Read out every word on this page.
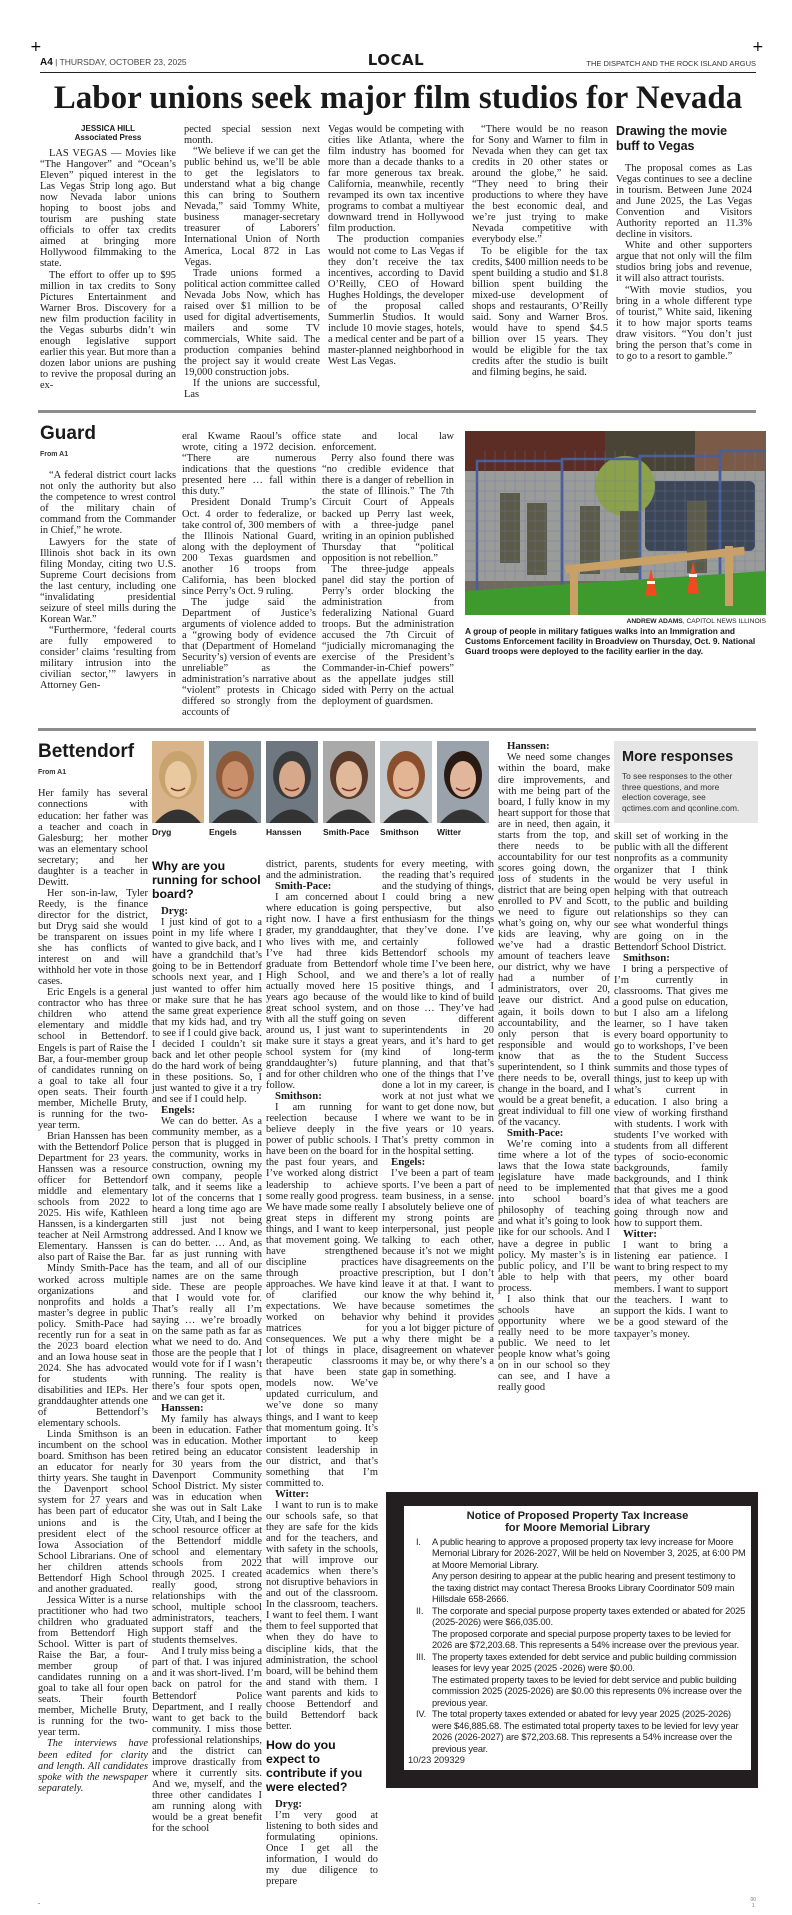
+	+
A4 | THURSDAY, OCTOBER 23, 2025	LOCAL	THE DISPATCH AND THE ROCK ISLAND ARGUS
Labor unions seek major film studios for Nevada
JESSICA HILL
Associated Press

LAS VEGAS — Movies like “The Hangover” and “Ocean’s Eleven” piqued interest in the Las Vegas Strip long ago. But now Nevada labor unions hoping to boost jobs and tourism are pushing state officials to offer tax credits aimed at bringing more Hollywood filmmaking to the state.

The effort to offer up to $95 million in tax credits to Sony Pictures Entertainment and Warner Bros. Discovery for a new film production facility in the Vegas suburbs didn’t win enough legislative support earlier this year. But more than a dozen labor unions are pushing to revive the proposal during an ex-

pected special session next month.

“We believe if we can get the public behind us, we’ll be able to get the legislators to understand what a big change this can bring to Southern Nevada,” said Tommy White, business manager-secretary treasurer of Laborers’ International Union of North America, Local 872 in Las Vegas.

Trade unions formed a political action committee called Nevada Jobs Now, which has raised over $1 million to be used for digital advertisements, mailers and some TV commercials, White said. The production companies behind the project say it would create 19,000 construction jobs.

If the unions are successful, Las

Vegas would be competing with cities like Atlanta, where the film industry has boomed for more than a decade thanks to a far more generous tax break. California, meanwhile, recently revamped its own tax incentive programs to combat a multiyear downward trend in Hollywood film production.

The production companies would not come to Las Vegas if they don’t receive the tax incentives, according to David O’Reilly, CEO of Howard Hughes Holdings, the developer of the proposal called Summerlin Studios. It would include 10 movie stages, hotels, a medical center and be part of a master-planned neighborhood in West Las Vegas.

“There would be no reason for Sony and Warner to film in Nevada when they can get tax credits in 20 other states or around the globe,” he said. “They need to bring their productions to where they have the best economic deal, and we’re just trying to make Nevada competitive with everybody else.”

To be eligible for the tax credits, $400 million needs to be spent building a studio and $1.8 billion spent building the mixed-use development of shops and restaurants, O’Reilly said. Sony and Warner Bros. would have to spend $4.5 billion over 15 years. They would be eligible for the tax credits after the studio is built and filming begins, he said.

Drawing the movie buff to Vegas

The proposal comes as Las Vegas continues to see a decline in tourism. Between June 2024 and June 2025, the Las Vegas Convention and Visitors Authority reported an 11.3% decline in visitors.

White and other supporters argue that not only will the film studios bring jobs and revenue, it will also attract tourists.

“With movie studios, you bring in a whole different type of tourist,” White said, likening it to how major sports teams draw visitors. “You don’t just bring the person that’s come in to go to a resort to gamble.”

Guard
From A1

“A federal district court lacks not only the authority but also the competence to wrest control of the military chain of command from the Commander in Chief,” he wrote.

Lawyers for the state of Illinois shot back in its own filing Monday, citing two U.S. Supreme Court decisions from the last century, including one “invalidating presidential seizure of steel mills during the Korean War.”

“Furthermore, ‘federal courts are fully empowered to consider’ claims ‘resulting from military intrusion into the civilian sector,’” lawyers in Attorney Gen-

eral Kwame Raoul’s office wrote, citing a 1972 decision. “There are numerous indications that the questions presented here … fall within this duty.”

President Donald Trump’s Oct. 4 order to federalize, or take control of, 300 members of the Illinois National Guard, along with the deployment of 200 Texas guardsmen and another 16 troops from California, has been blocked since Perry’s Oct. 9 ruling.

The judge said the Department of Justice’s arguments of violence added to a “growing body of evidence that (Department of Homeland Security’s) version of events are unreliable” as the administration’s narrative about “violent” protests in Chicago differed so strongly from the accounts of

state and local law enforcement.

Perry also found there was “no credible evidence that there is a danger of rebellion in the state of Illinois.” The 7th Circuit Court of Appeals backed up Perry last week, with a three-judge panel writing in an opinion published Thursday that “political opposition is not rebellion.”

The three-judge appeals panel did stay the portion of Perry’s order blocking the administration from federalizing National Guard troops. But the administration accused the 7th Circuit of “judicially micromanaging the exercise of the President’s Commander-in-Chief powers” as the appellate judges still sided with Perry on the actual deployment of guardsmen.

ANDREW ADAMS, CAPITOL NEWS ILLINOIS
A group of people in military fatigues walks into an Immigration and Customs Enforcement facility in Broadview on Thursday, Oct. 9. National Guard troops were deployed to the facility earlier in the day.
Bettendorf
From A1

Her family has several connections with education: her father was a teacher and coach in Galesburg; her mother was an elementary school secretary; and her daughter is a teacher in Dewitt.

Her son-in-law, Tyler Reedy, is the finance director for the district, but Dryg said she would be transparent on issues she has conflicts of interest on and will withhold her vote in those cases.

Eric Engels is a general contractor who has three children who attend elementary and middle school in Bettendorf. Engels is part of Raise the Bar, a four-member group of candidates running on a goal to take all four open seats. Their fourth member, Michelle Bruty, is running for the two-year term.

Brian Hanssen has been with the Bettendorf Police Department for 23 years. Hanssen was a resource officer for Bettendorf middle and elementary schools from 2022 to 2025. His wife, Kathleen Hanssen, is a kindergarten teacher at Neil Armstrong Elementary. Hanssen is also part of Raise the Bar.

Mindy Smith-Pace has worked across multiple organizations and nonprofits and holds a master’s degree in public policy. Smith-Pace had recently run for a seat in the 2023 board election and an Iowa house seat in 2024. She has advocated for students with disabilities and IEPs. Her granddaughter attends one of Bettendorf’s elementary schools.

Linda Smithson is an incumbent on the school board. Smithson has been an educator for nearly thirty years. She taught in the Davenport school system for 27 years and has been part of educator unions and is the president elect of the Iowa Association of School Librarians. One of her children attends Bettendorf High School and another graduated.

Jessica Witter is a nurse practitioner who had two children who graduated from Bettendorf High School. Witter is part of Raise the Bar, a four-member group of candidates running on a goal to take all four open seats. Their fourth member, Michelle Bruty, is running for the two-year term.

The interviews have been edited for clarity and length. All candidates spoke with the newspaper separately.

Dryg	Engels	Hanssen	Smith-Pace	Smithson	Witter
Why are you running for school board?
Dryg:

I just kind of got to a point in my life where I wanted to give back, and I have a grandchild that’s going to be in Bettendorf schools next year, and I just wanted to offer him or make sure that he has the same great experience that my kids had, and try to see if I could give back. I decided I couldn’t sit back and let other people do the hard work of being in these positions. So, I just wanted to give it a try and see if I could help.

Engels:

We can do better. As a community member, as a person that is plugged in the community, works in construction, owning my own company, people talk, and it seems like a lot of the concerns that I heard a long time ago are still just not being addressed. And I know we can do better. … And, as far as just running with the team, and all of our names are on the same side. These are people that I would vote for. That’s really all I’m saying … we’re broadly on the same path as far as what we need to do. And those are the people that I would vote for if I wasn’t running. The reality is there’s four spots open, and we can get it.

Hanssen:

My family has always been in education. Father was in education. Mother retired being an educator for 30 years from the Davenport Community School District. My sister was in education when she was out in Salt Lake City, Utah, and I being the school resource officer at the Bettendorf middle school and elementary schools from 2022 through 2025. I created really good, strong relationships with the school, multiple school administrators, teachers, support staff and the students themselves.

And I truly miss being a part of that. I was injured and it was short-lived. I’m back on patrol for the Bettendorf Police Department, and I really want to get back to the community. I miss those professional relationships, and the district can improve drastically from where it currently sits. And we, myself, and the three other candidates I am running along with would be a great benefit for the school

district, parents, students and the administration.

Smith-Pace:

I am concerned about where education is going right now. I have a first grader, my granddaughter, who lives with me, and I’ve had three kids graduate from Bettendorf High School, and we actually moved here 15 years ago because of the great school system, and with all the stuff going on around us, I just want to make sure it stays a great school system for (my granddaughter’s) future and for other children who follow.

Smithson:

I am running for reelection because I believe deeply in the power of public schools. I have been on the board for the past four years, and I’ve worked along district leadership to achieve some really good progress. We have made some really great steps in different things, and I want to keep that movement going. We have strengthened discipline practices through proactive approaches. We have kind of clarified our expectations. We have worked on behavior matrices for consequences. We put a lot of things in place, therapeutic classrooms that have been state models now. We’ve updated curriculum, and we’ve done so many things, and I want to keep that momentum going. It’s important to keep consistent leadership in our district, and that’s something that I’m committed to.

Witter:

I want to run is to make our schools safe, so that they are safe for the kids and for the teachers, and with safety in the schools, that will improve our academics when there’s not disruptive behaviors in and out of the classroom. In the classroom, teachers. I want to feel them. I want them to feel supported that when they do have to discipline kids, that the administration, the school board, will be behind them and stand with them. I want parents and kids to choose Bettendorf and build Bettendorf back better.

How do you expect to contribute if you were elected?
Dryg:

I’m very good at listening to both sides and formulating opinions. Once I get all the information, I would do my due diligence to prepare

for every meeting, with the reading that’s required and the studying of things, I could bring a new perspective, but also enthusiasm for the things that they’ve done. I’ve certainly followed Bettendorf schools my whole time I’ve been here, and there’s a lot of really positive things, and I would like to kind of build on those … They’ve had seven different superintendents in 20 years, and it’s hard to get kind of long-term planning, and that that’s one of the things that I’ve done a lot in my career, is work at not just what we want to get done now, but where we want to be in five years or 10 years. That’s pretty common in in the hospital setting.

Engels:

I’ve been a part of team sports. I’ve been a part of team business, in a sense. I absolutely believe one of my strong points are interpersonal, just people talking to each other, because it’s not we might have disagreements on the prescription, but I don’t leave it at that. I want to know the why behind it, because sometimes the why behind it provides you a lot bigger picture of why there might be a disagreement on whatever it may be, or why there’s a gap in something.

Hanssen:

We need some changes within the board, make dire improvements, and with me being part of the board, I fully know in my heart support for those that are in need, then again, it starts from the top, and there needs to be accountability for our test scores going down, the loss of students in the district that are being open enrolled to PV and Scott, we need to figure out what’s going on, why our kids are leaving, why we’ve had a drastic amount of teachers leave our district, why we have had a number of administrators, over 20, leave our district. And again, it boils down to accountability, and the only person that is responsible and would know that as the superintendent, so I think there needs to be, overall change in the board, and I would be a great benefit, a great individual to fill one of the vacancy.

Smith-Pace:

We’re coming into a time where a lot of the laws that the Iowa state legislature have made need to be implemented into school board’s philosophy of teaching and what it’s going to look like for our schools. And I have a degree in public policy. My master’s is in public policy, and I’ll be able to help with that process.

I also think that our schools have an opportunity where we really need to be more public. We need to let people know what’s going on in our school so they can see, and I have a really good

More responses
To see responses to the other three questions, and more election coverage, see qctimes.com and qconline.com.

skill set of working in the public with all the different nonprofits as a community organizer that I think would be very useful in helping with that outreach to the public and building relationships so they can see what wonderful things are going on in the Bettendorf School District.

Smithson:

I bring a perspective of I’m currently in classrooms. That gives me a good pulse on education, but I also am a lifelong learner, so I have taken every board opportunity to go to workshops, I’ve been to the Student Success summits and those types of things, just to keep up with what’s current in education. I also bring a view of working firsthand with students. I work with students I’ve worked with students from all different types of socio-economic backgrounds, family backgrounds, and I think that that gives me a good idea of what teachers are going through now and how to support them.

Witter:

I want to bring a listening ear patience. I want to bring respect to my peers, my other board members. I want to support the teachers. I want to support the kids. I want to be a good steward of the taxpayer’s money.

Notice of Proposed Property Tax Increase
for Moore Memorial Library
I. A public hearing to approve a proposed property tax levy increase for Moore Memorial Library for 2026-2027, Will be held on November 3, 2025, at 6:00 PM at Moore Memorial Library.

Any person desiring to appear at the public hearing and present testimony to the taxing district may contact Theresa Brooks Library Coordinator 509 main Hillsdale 658-2666.

II. The corporate and special purpose property taxes extended or abated for 2025 (2025-2026) were $66,035.00.

The proposed corporate and special purpose property taxes to be levied for 2026 are $72,203.68. This represents a 54% increase over the previous year.

III. The property taxes extended for debt service and public building commission leases for levy year 2025 (2025 -2026) were $0.00.

The estimated property taxes to be levied for debt service and public building commission 2025 (2025-2026) are $0.00 this represents 0% increase over the previous year.

IV. The total property taxes extended or abated for levy year 2025 (2025-2026) were $46,885.68. The estimated total property taxes to be levied for levy year 2026 (2026-2027) are $72,203.68. This represents a 54% increase over the previous year.

10/23 209329
.	00
1
